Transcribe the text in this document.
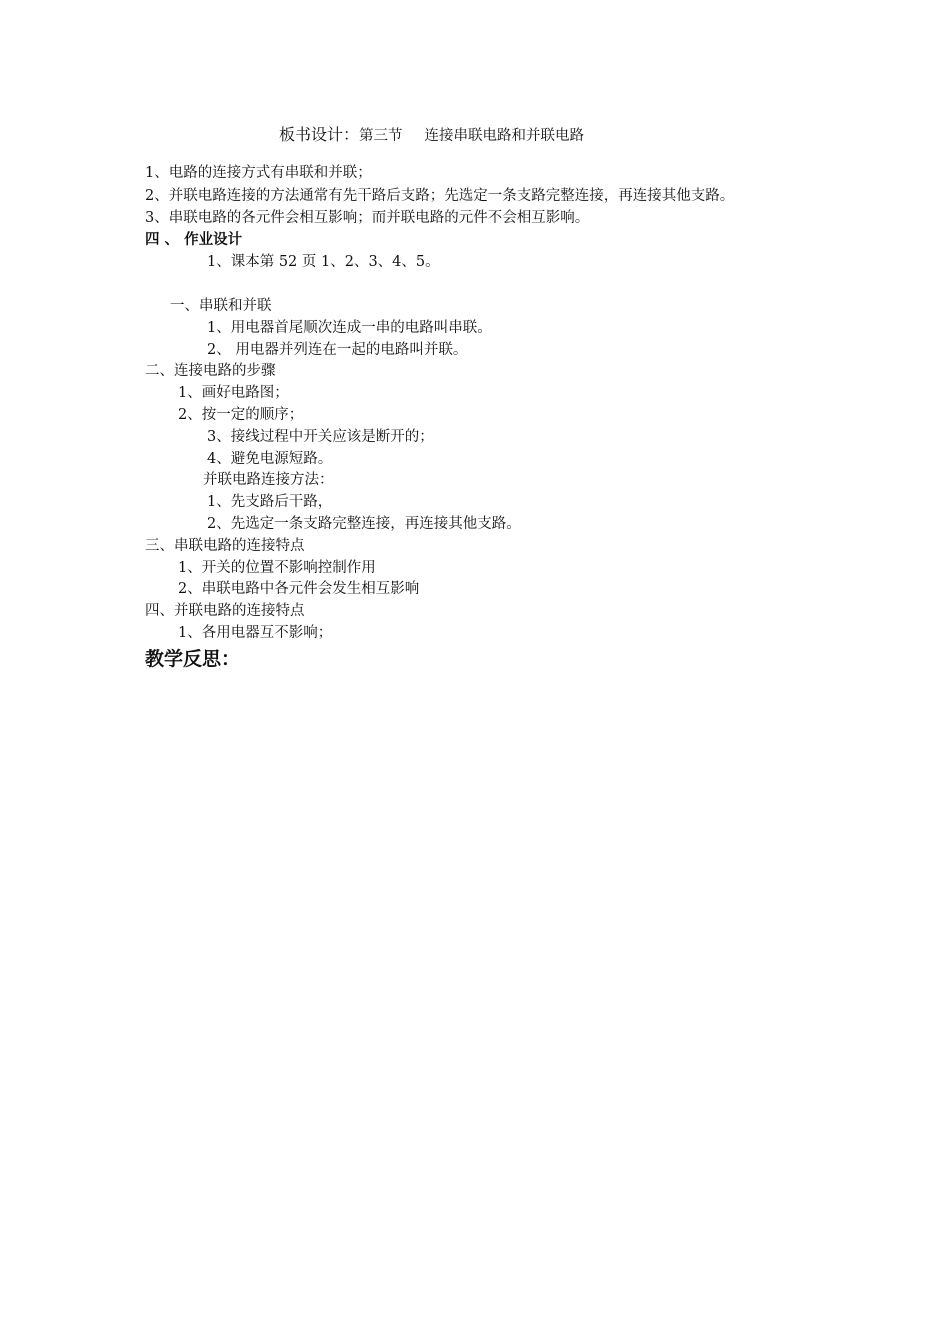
板书设计：第三节 连接串联电路和并联电路
1、电路的连接方式有串联和并联；
2、并联电路连接的方法通常有先干路后支路；先选定一条支路完整连接，再连接其他支路。
3、串联电路的各元件会相互影响；而并联电路的元件不会相互影响。
四 、 作业设计
1、课本第 52 页 1、2、3、4、5。
一、串联和并联
1、用电器首尾顺次连成一串的电路叫串联。
2、 用电器并列连在一起的电路叫并联。
二、连接电路的步骤
1、画好电路图；
2、按一定的顺序；
3、接线过程中开关应该是断开的；
4、避免电源短路。
并联电路连接方法：
1、先支路后干路，
2、先选定一条支路完整连接，再连接其他支路。
三、串联电路的连接特点
1、开关的位置不影响控制作用
2、串联电路中各元件会发生相互影响
四、并联电路的连接特点
1、各用电器互不影响；
教学反思：
